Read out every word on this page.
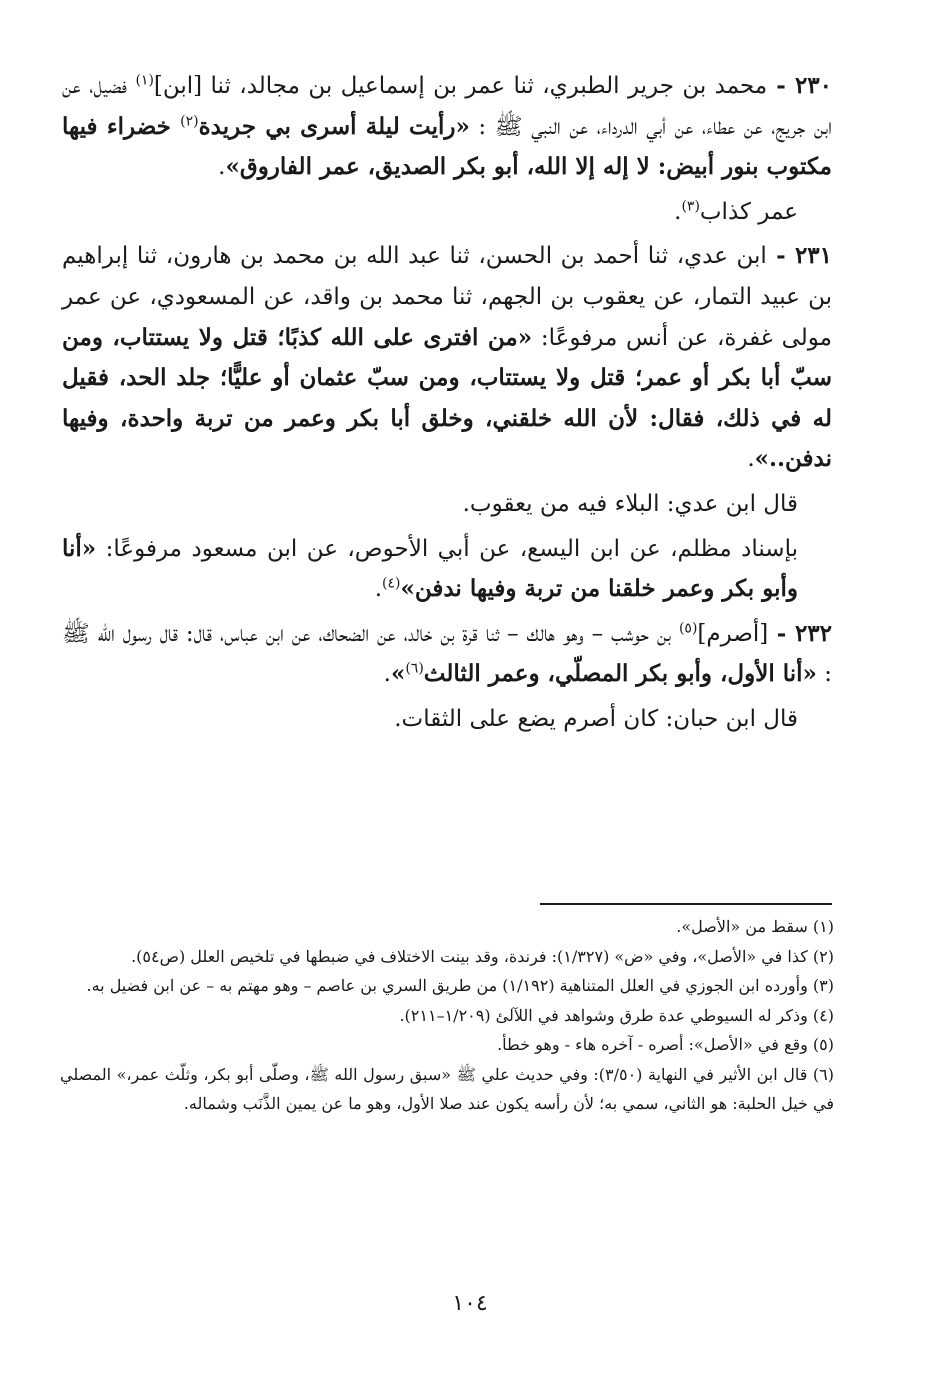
٢٣٠ - محمد بن جرير الطبري، ثنا عمر بن إسماعيل بن مجالد، ثنا [ابن]$^{(١)}$ فضيل، عن ابن جريج، عن عطاء، عن أبي الدرداء، عن النبي ﷺ : «رأيت ليلة أسرى بي جريدة$^{(٢)}$ خضراء فيها مكتوب بنور أبيض: لا إله إلا الله، أبو بكر الصديق، عمر الفاروق».

عمر كذاب$^{(٣)}$.

٢٣١ - ابن عدي، ثنا أحمد بن الحسن، ثنا عبد الله بن محمد بن هارون، ثنا إبراهيم بن عبيد التمار، عن يعقوب بن الجهم، ثنا محمد بن واقد، عن المسعودي، عن عمر مولى غفرة، عن أنس مرفوعًا: «من افترى على الله كذبًا؛ قتل ولا يستتاب، ومن سبّ أبا بكر أو عمر؛ قتل ولا يستتاب، ومن سبّ عثمان أو عليًّا؛ جلد الحد، فقيل له في ذلك، فقال: لأن الله خلقني، وخلق أبا بكر وعمر من تربة واحدة، وفيها ندفن..».

قال ابن عدي: البلاء فيه من يعقوب.

بإسناد مظلم، عن ابن اليسع، عن أبي الأحوص، عن ابن مسعود مرفوعًا: «أنا وأبو بكر وعمر خلقنا من تربة وفيها ندفن»$^{(٤)}$.

٢٣٢ - [أصرم]$^{(٥)}$ بن حوشب – وهو هالك – ثنا قرة بن خالد، عن الضحاك، عن ابن عباس، قال: قال رسول الله ﷺ : «أنا الأول، وأبو بكر المصلّي، وعمر الثالث$^{(٦)}$».

قال ابن حبان: كان أصرم يضع على الثقات.

(١) سقط من «الأصل».

(٢) كذا في «الأصل»، وفي «ض» (١/٣٢٧): فرندة، وقد بينت الاختلاف في ضبطها في تلخيص العلل (ص٥٤).

(٣) وأورده ابن الجوزي في العلل المتناهية (١/١٩٢) من طريق السري بن عاصم – وهو مهتم به – عن ابن فضيل به.

(٤) وذكر له السيوطي عدة طرق وشواهد في اللآلئ (١/٢٠٩–٢١١).

(٥) وقع في «الأصل»: أصره - آخره هاء - وهو خطأ.

(٦) قال ابن الأثير في النهاية (٣/٥٠): وفي حديث علي ﷺ «سبق رسول الله ﷺ، وصلّى أبو بكر، وثلّث عمر،» المصلي في خيل الحلبة: هو الثاني، سمي به؛ لأن رأسه يكون عند صلا الأول، وهو ما عن يمين الذَّنَب وشماله.

١٠٤
